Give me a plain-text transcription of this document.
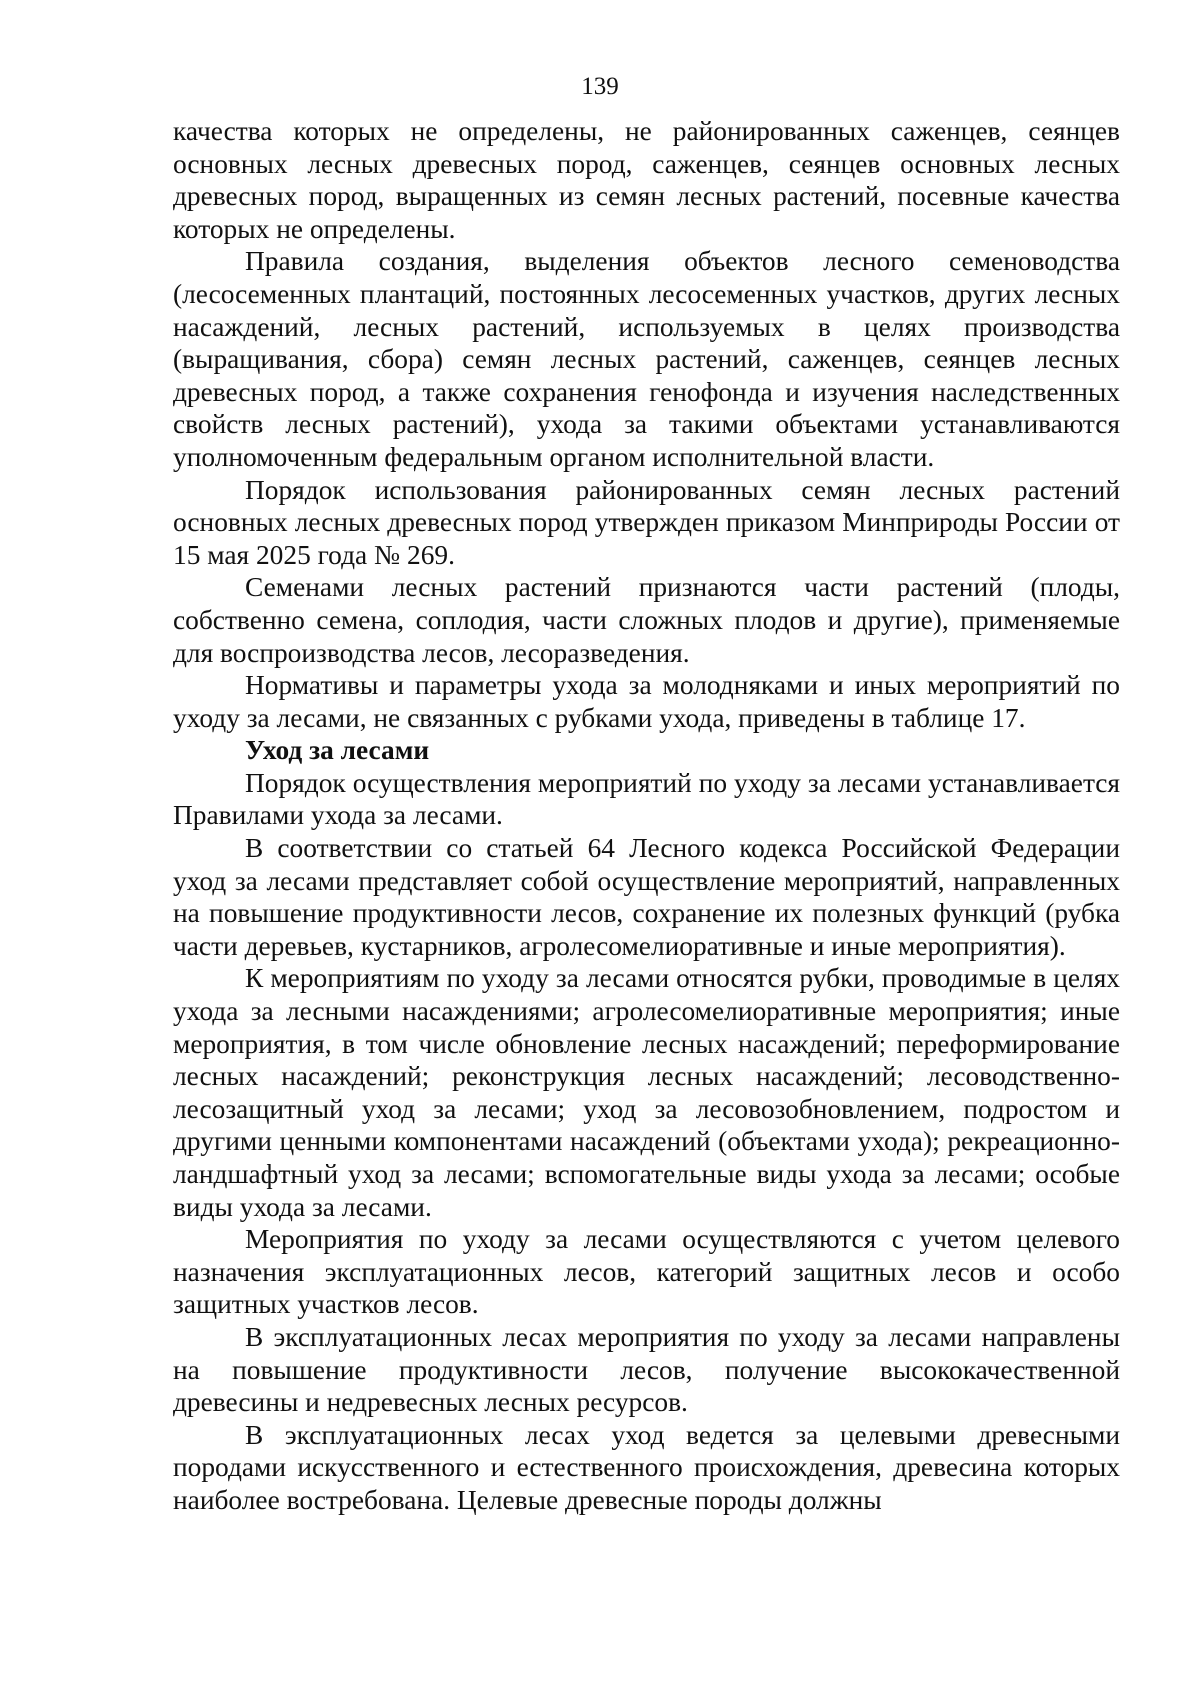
139

качества которых не определены, не районированных саженцев, сеянцев основных лесных древесных пород, саженцев, сеянцев основных лесных древесных пород, выращенных из семян лесных растений, посевные качества которых не определены.

Правила создания, выделения объектов лесного семеноводства (лесосеменных плантаций, постоянных лесосеменных участков, других лесных насаждений, лесных растений, используемых в целях производства (выращивания, сбора) семян лесных растений, саженцев, сеянцев лесных древесных пород, а также сохранения генофонда и изучения наследственных свойств лесных растений), ухода за такими объектами устанавливаются уполномоченным федеральным органом исполнительной власти.

Порядок использования районированных семян лесных растений основных лесных древесных пород утвержден приказом Минприроды России от 15 мая 2025 года № 269.

Семенами лесных растений признаются части растений (плоды, собственно семена, соплодия, части сложных плодов и другие), применяемые для воспроизводства лесов, лесоразведения.

Нормативы и параметры ухода за молодняками и иных мероприятий по уходу за лесами, не связанных с рубками ухода, приведены в таблице 17.

Уход за лесами

Порядок осуществления мероприятий по уходу за лесами устанавливается Правилами ухода за лесами.

В соответствии со статьей 64 Лесного кодекса Российской Федерации уход за лесами представляет собой осуществление мероприятий, направленных на повышение продуктивности лесов, сохранение их полезных функций (рубка части деревьев, кустарников, агролесомелиоративные и иные мероприятия).

К мероприятиям по уходу за лесами относятся рубки, проводимые в целях ухода за лесными насаждениями; агролесомелиоративные мероприятия; иные мероприятия, в том числе обновление лесных насаждений; переформирование лесных насаждений; реконструкция лесных насаждений; лесоводственно-лесозащитный уход за лесами; уход за лесовозобновлением, подростом и другими ценными компонентами насаждений (объектами ухода); рекреационно-ландшафтный уход за лесами; вспомогательные виды ухода за лесами; особые виды ухода за лесами.

Мероприятия по уходу за лесами осуществляются с учетом целевого назначения эксплуатационных лесов, категорий защитных лесов и особо защитных участков лесов.

В эксплуатационных лесах мероприятия по уходу за лесами направлены на повышение продуктивности лесов, получение высококачественной древесины и недревесных лесных ресурсов.

В эксплуатационных лесах уход ведется за целевыми древесными породами искусственного и естественного происхождения, древесина которых наиболее востребована. Целевые древесные породы должны
